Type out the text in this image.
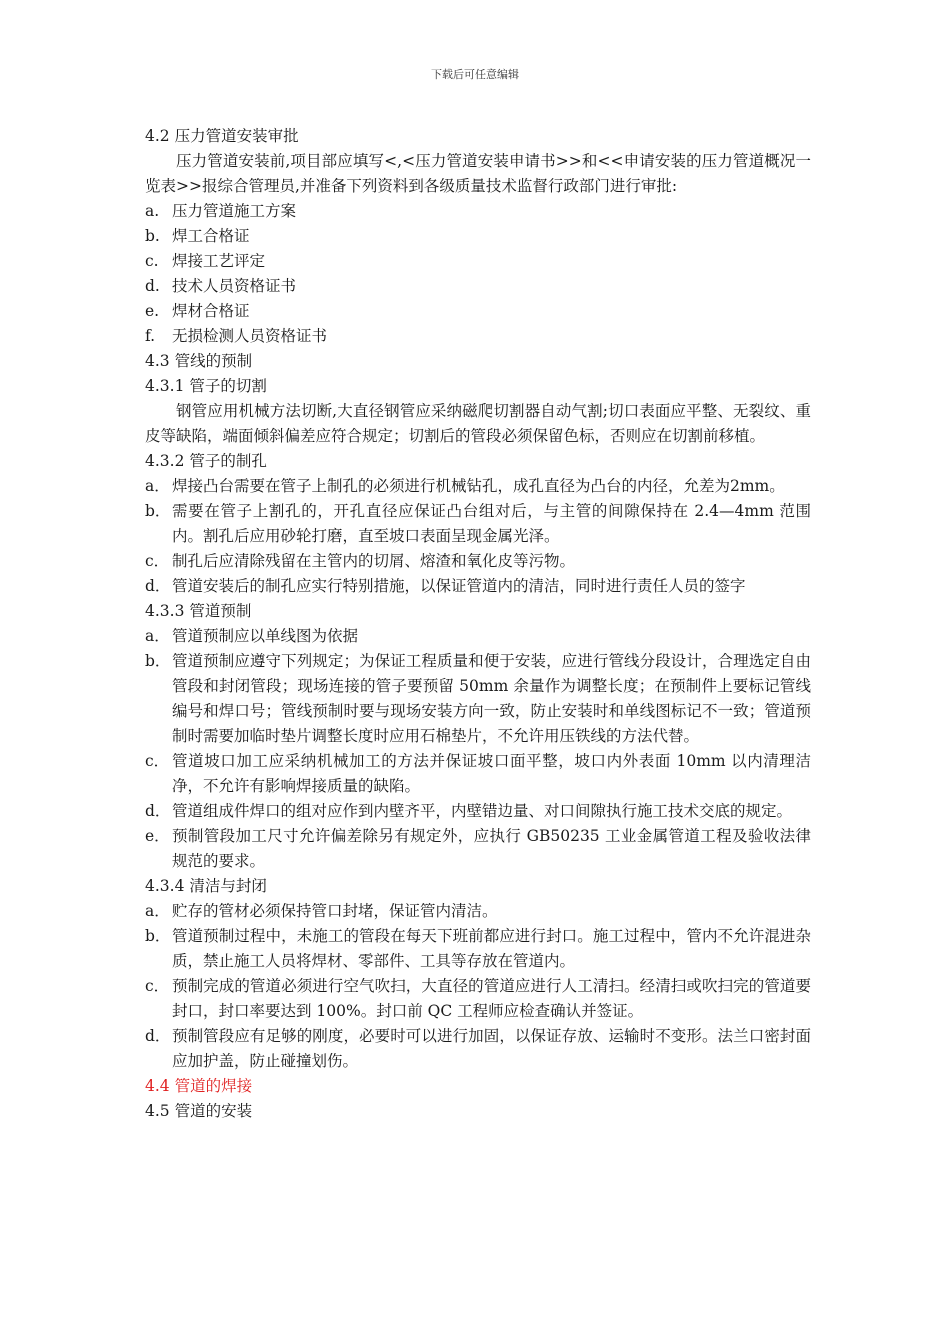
下载后可任意编辑

4.2 压力管道安装审批

压力管道安装前,项目部应填写<,<压力管道安装申请书>>和<<申请安装的压力管道概况一览表>>报综合管理员,并准备下列资料到各级质量技术监督行政部门进行审批:

a. 压力管道施工方案
b. 焊工合格证
c. 焊接工艺评定
d. 技术人员资格证书
e. 焊材合格证
f. 无损检测人员资格证书

4.3 管线的预制

4.3.1 管子的切割

钢管应用机械方法切断,大直径钢管应采纳磁爬切割器自动气割;切口表面应平整、无裂纹、重皮等缺陷，端面倾斜偏差应符合规定；切割后的管段必须保留色标，否则应在切割前移植。

4.3.2 管子的制孔

a． 焊接凸台需要在管子上制孔的必须进行机械钻孔，成孔直径为凸台的内径，允差为2mm。
b． 需要在管子上割孔的，开孔直径应保证凸台组对后，与主管的间隙保持在 2.4—4mm 范围内。割孔后应用砂轮打磨，直至坡口表面呈现金属光泽。
c． 制孔后应清除残留在主管内的切屑、熔渣和氧化皮等污物。
d． 管道安装后的制孔应实行特别措施，以保证管道内的清洁，同时进行责任人员的签字

4.3.3 管道预制

a． 管道预制应以单线图为依据
b． 管道预制应遵守下列规定；为保证工程质量和便于安装，应进行管线分段设计，合理选定自由管段和封闭管段；现场连接的管子要预留 50mm 余量作为调整长度；在预制件上要标记管线编号和焊口号；管线预制时要与现场安装方向一致，防止安装时和单线图标记不一致；管道预制时需要加临时垫片调整长度时应用石棉垫片，不允许用压铁线的方法代替。
c． 管道坡口加工应采纳机械加工的方法并保证坡口面平整，坡口内外表面 10mm 以内清理洁净，不允许有影响焊接质量的缺陷。
d． 管道组成件焊口的组对应作到内壁齐平，内壁错边量、对口间隙执行施工技术交底的规定。
e． 预制管段加工尺寸允许偏差除另有规定外，应执行 GB50235 工业金属管道工程及验收法律规范的要求。

4.3.4 清洁与封闭

a． 贮存的管材必须保持管口封堵，保证管内清洁。
b． 管道预制过程中，未施工的管段在每天下班前都应进行封口。施工过程中，管内不允许混进杂质，禁止施工人员将焊材、零部件、工具等存放在管道内。
c． 预制完成的管道必须进行空气吹扫，大直径的管道应进行人工清扫。经清扫或吹扫完的管道要封口，封口率要达到 100%。封口前 QC 工程师应检查确认并签证。
d． 预制管段应有足够的刚度，必要时可以进行加固，以保证存放、运输时不变形。法兰口密封面应加护盖，防止碰撞划伤。

4.4 管道的焊接

4.5 管道的安装
